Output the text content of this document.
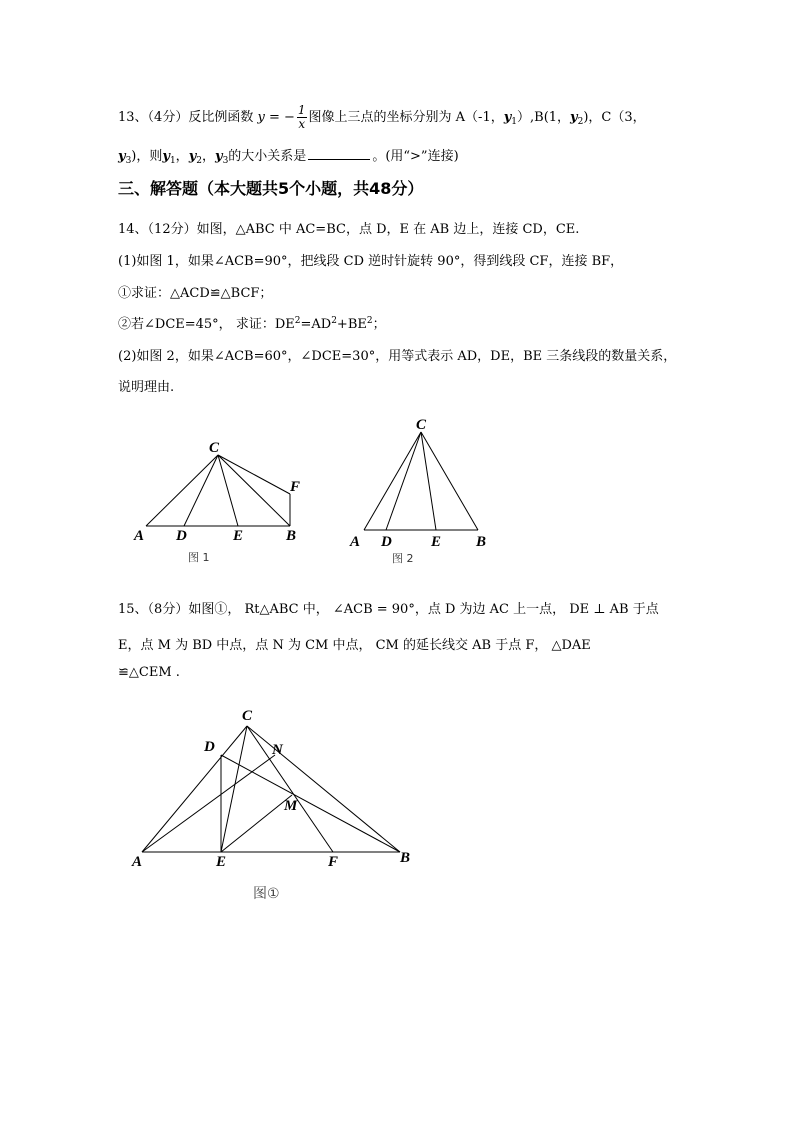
13、（4分）反比例函数 y = − $\frac{1}{x}$ 图像上三点的坐标分别为 A（-1，$y_1),B(1$，$y_2$)，C（3，
$y_3$)，则$y_1$，$y_2$，$y_3$的大小关系是	。(用“>”连接)
三、解答题（本大题共5个小题，共48分）
14、（12分）如图，△ABC 中 AC=BC，点 D，E 在 AB 边上，连接 CD，CE.
(1)如图 1，如果∠ACB=90°，把线段 CD 逆时针旋转 90°，得到线段 CF，连接 BF，
①求证：△ACD≌△BCF；
②若∠DCE=45°， 求证：$DE^2=AD^2+BE^2$；
(2)如图 2，如果∠ACB=60°，∠DCE=30°，用等式表示 AD，DE，BE 三条线段的数量关系，
说明理由.
C
F
A D	E	B
图 1
C
A D	E B
图 2
C
D	N
M
A	E	F	B
图①
15、（8分）如图①， Rt△ABC 中， ∠ACB = 90°，点 D 为边 AC 上一点， DE ⊥ AB 于点
E，点 M 为 BD 中点，点 N 为 CM 中点， CM 的延长线交 AB 于点 F， △DAE
≌△CEM .
